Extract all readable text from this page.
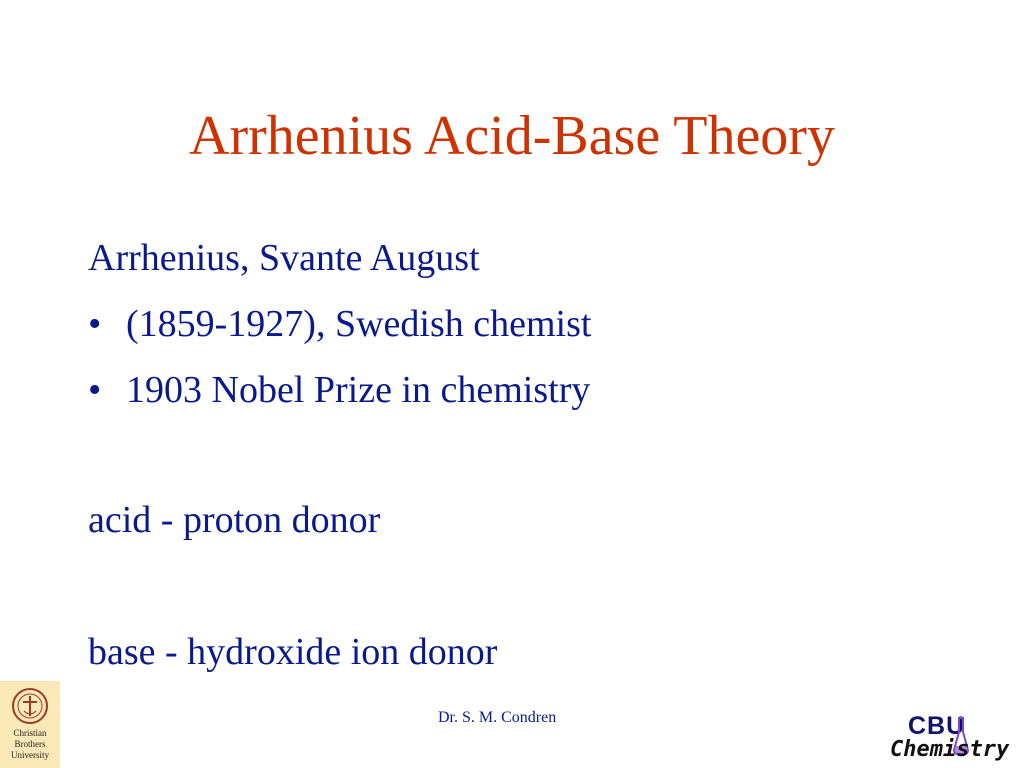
Arrhenius Acid-Base Theory
Arrhenius, Svante August
• (1859-1927), Swedish chemist
• 1903 Nobel Prize in chemistry
acid - proton donor
base - hydroxide ion donor
Christian
Brothers
University
Dr. S. M. Condren	CBU
Chemistry
